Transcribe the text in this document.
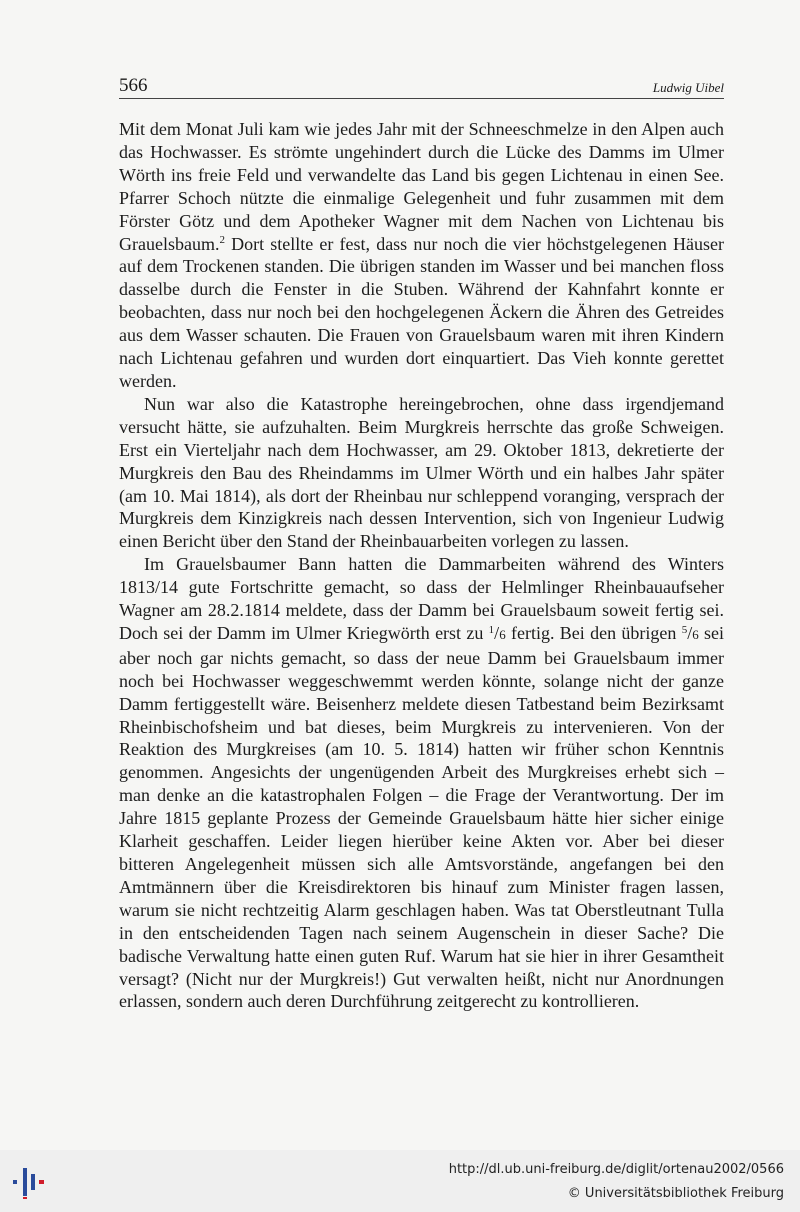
566	Ludwig Uibel

Mit dem Monat Juli kam wie jedes Jahr mit der Schneeschmelze in den Alpen auch das Hochwasser. Es strömte ungehindert durch die Lücke des Damms im Ulmer Wörth ins freie Feld und verwandelte das Land bis gegen Lichtenau in einen See. Pfarrer Schoch nützte die einmalige Gelegenheit und fuhr zusammen mit dem Förster Götz und dem Apotheker Wagner mit dem Nachen von Lichtenau bis Grauelsbaum.$^2$ Dort stellte er fest, dass nur noch die vier höchstgelegenen Häuser auf dem Trockenen standen. Die übrigen standen im Wasser und bei manchen floss dasselbe durch die Fenster in die Stuben. Während der Kahnfahrt konnte er beobachten, dass nur noch bei den hochgelegenen Äckern die Ähren des Getreides aus dem Wasser schauten. Die Frauen von Grauelsbaum waren mit ihren Kindern nach Lichtenau gefahren und wurden dort einquartiert. Das Vieh konnte gerettet werden.

Nun war also die Katastrophe hereingebrochen, ohne dass irgendjemand versucht hätte, sie aufzuhalten. Beim Murgkreis herrschte das große Schweigen. Erst ein Vierteljahr nach dem Hochwasser, am 29. Oktober 1813, dekretierte der Murgkreis den Bau des Rheindamms im Ulmer Wörth und ein halbes Jahr später (am 10. Mai 1814), als dort der Rheinbau nur schleppend voranging, versprach der Murgkreis dem Kinzigkreis nach dessen Intervention, sich von Ingenieur Ludwig einen Bericht über den Stand der Rheinbauarbeiten vorlegen zu lassen.

Im Grauelsbaumer Bann hatten die Dammarbeiten während des Winters 1813/14 gute Fortschritte gemacht, so dass der Helmlinger Rheinbauaufseher Wagner am 28.2.1814 meldete, dass der Damm bei Grauelsbaum soweit fertig sei. Doch sei der Damm im Ulmer Kriegwörth erst zu $^1$/6 fertig. Bei den übrigen $^5$/6 sei aber noch gar nichts gemacht, so dass der neue Damm bei Grauelsbaum immer noch bei Hochwasser weggeschwemmt werden könnte, solange nicht der ganze Damm fertiggestellt wäre. Beisenherz meldete diesen Tatbestand beim Bezirksamt Rheinbischofsheim und bat dieses, beim Murgkreis zu intervenieren. Von der Reaktion des Murgkreises (am 10. 5. 1814) hatten wir früher schon Kenntnis genommen. Angesichts der ungenügenden Arbeit des Murgkreises erhebt sich – man denke an die katastrophalen Folgen – die Frage der Verantwortung. Der im Jahre 1815 geplante Prozess der Gemeinde Grauelsbaum hätte hier sicher einige Klarheit geschaffen. Leider liegen hierüber keine Akten vor. Aber bei dieser bitteren Angelegenheit müssen sich alle Amtsvorstände, angefangen bei den Amtmännern über die Kreisdirektoren bis hinauf zum Minister fragen lassen, warum sie nicht rechtzeitig Alarm geschlagen haben. Was tat Oberstleutnant Tulla in den entscheidenden Tagen nach seinem Augenschein in dieser Sache? Die badische Verwaltung hatte einen guten Ruf. Warum hat sie hier in ihrer Gesamtheit versagt? (Nicht nur der Murgkreis!) Gut verwalten heißt, nicht nur Anordnungen erlassen, sondern auch deren Durchführung zeitgerecht zu kontrollieren.

http://dl.ub.uni-freiburg.de/diglit/ortenau2002/0566
© Universitätsbibliothek Freiburg
